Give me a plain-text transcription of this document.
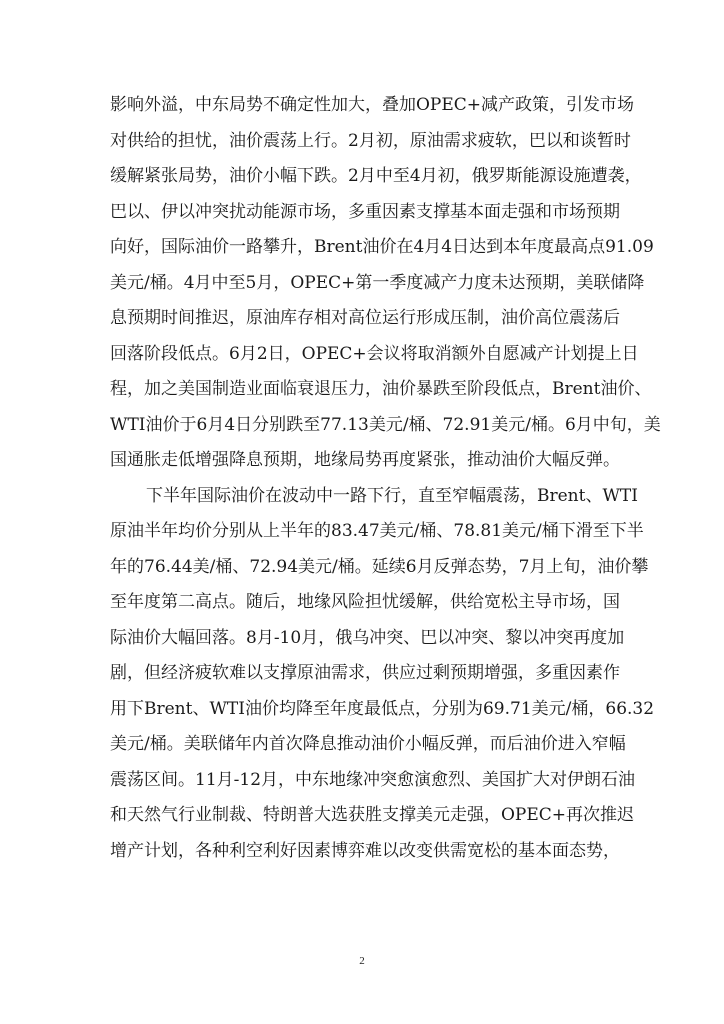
影响外溢，中东局势不确定性加大，叠加OPEC+减产政策，引发市场
对供给的担忧，油价震荡上行。2月初，原油需求疲软，巴以和谈暂时
缓解紧张局势，油价小幅下跌。2月中至4月初，俄罗斯能源设施遭袭，
巴以、伊以冲突扰动能源市场，多重因素支撑基本面走强和市场预期
向好，国际油价一路攀升，Brent油价在4月4日达到本年度最高点91.09
美元/桶。4月中至5月，OPEC+第一季度减产力度未达预期，美联储降
息预期时间推迟，原油库存相对高位运行形成压制，油价高位震荡后
回落阶段低点。6月2日，OPEC+会议将取消额外自愿减产计划提上日
程，加之美国制造业面临衰退压力，油价暴跌至阶段低点，Brent油价、
WTI油价于6月4日分别跌至77.13美元/桶、72.91美元/桶。6月中旬，美
国通胀走低增强降息预期，地缘局势再度紧张，推动油价大幅反弹。
下半年国际油价在波动中一路下行，直至窄幅震荡，Brent、WTI
原油半年均价分别从上半年的83.47美元/桶、78.81美元/桶下滑至下半
年的76.44美/桶、72.94美元/桶。延续6月反弹态势，7月上旬，油价攀
至年度第二高点。随后，地缘风险担忧缓解，供给宽松主导市场，国
际油价大幅回落。8月-10月，俄乌冲突、巴以冲突、黎以冲突再度加
剧，但经济疲软难以支撑原油需求，供应过剩预期增强，多重因素作
用下Brent、WTI油价均降至年度最低点，分别为69.71美元/桶，66.32
美元/桶。美联储年内首次降息推动油价小幅反弹，而后油价进入窄幅
震荡区间。11月-12月，中东地缘冲突愈演愈烈、美国扩大对伊朗石油
和天然气行业制裁、特朗普大选获胜支撑美元走强，OPEC+再次推迟
增产计划，各种利空利好因素博弈难以改变供需宽松的基本面态势，
2
